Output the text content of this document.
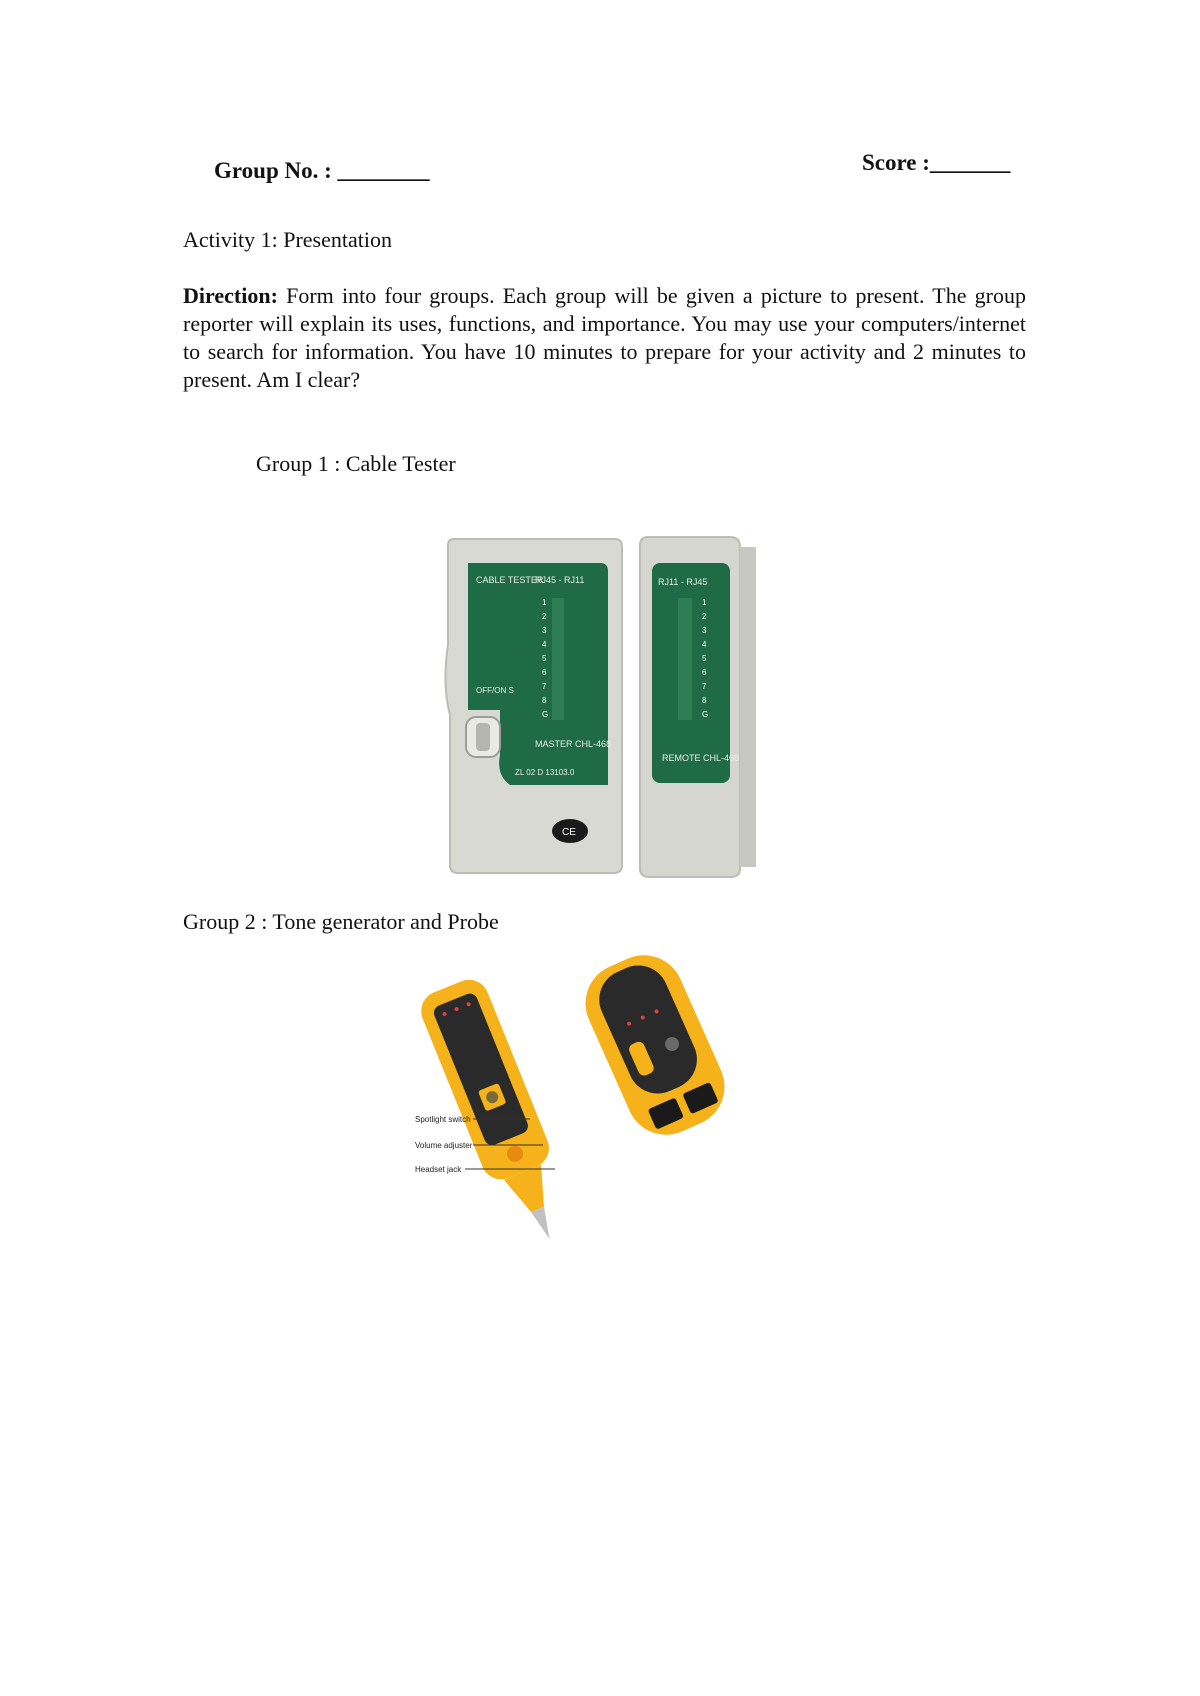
Group No. : ________	Score :_______
Activity 1: Presentation
Direction: Form into four groups. Each group will be given a picture to present. The group reporter will explain its uses, functions, and importance. You may use your computers/internet to search for information. You have 10 minutes to prepare for your activity and 2 minutes to present. Am I clear?
Group 1 : Cable Tester
CABLE TESTER
RJ45 - RJ11
OFF/ON S
1
2
3
4
5
6
7
8
G
MASTER CHL-468
ZL 02 D 13103.0
CE
RJ11 - RJ45
1
2
3
4
5
6
7
8
G
REMOTE CHL-468
Group 2 : Tone generator and Probe
Spotlight switch
Volume adjuster
Headset jack
